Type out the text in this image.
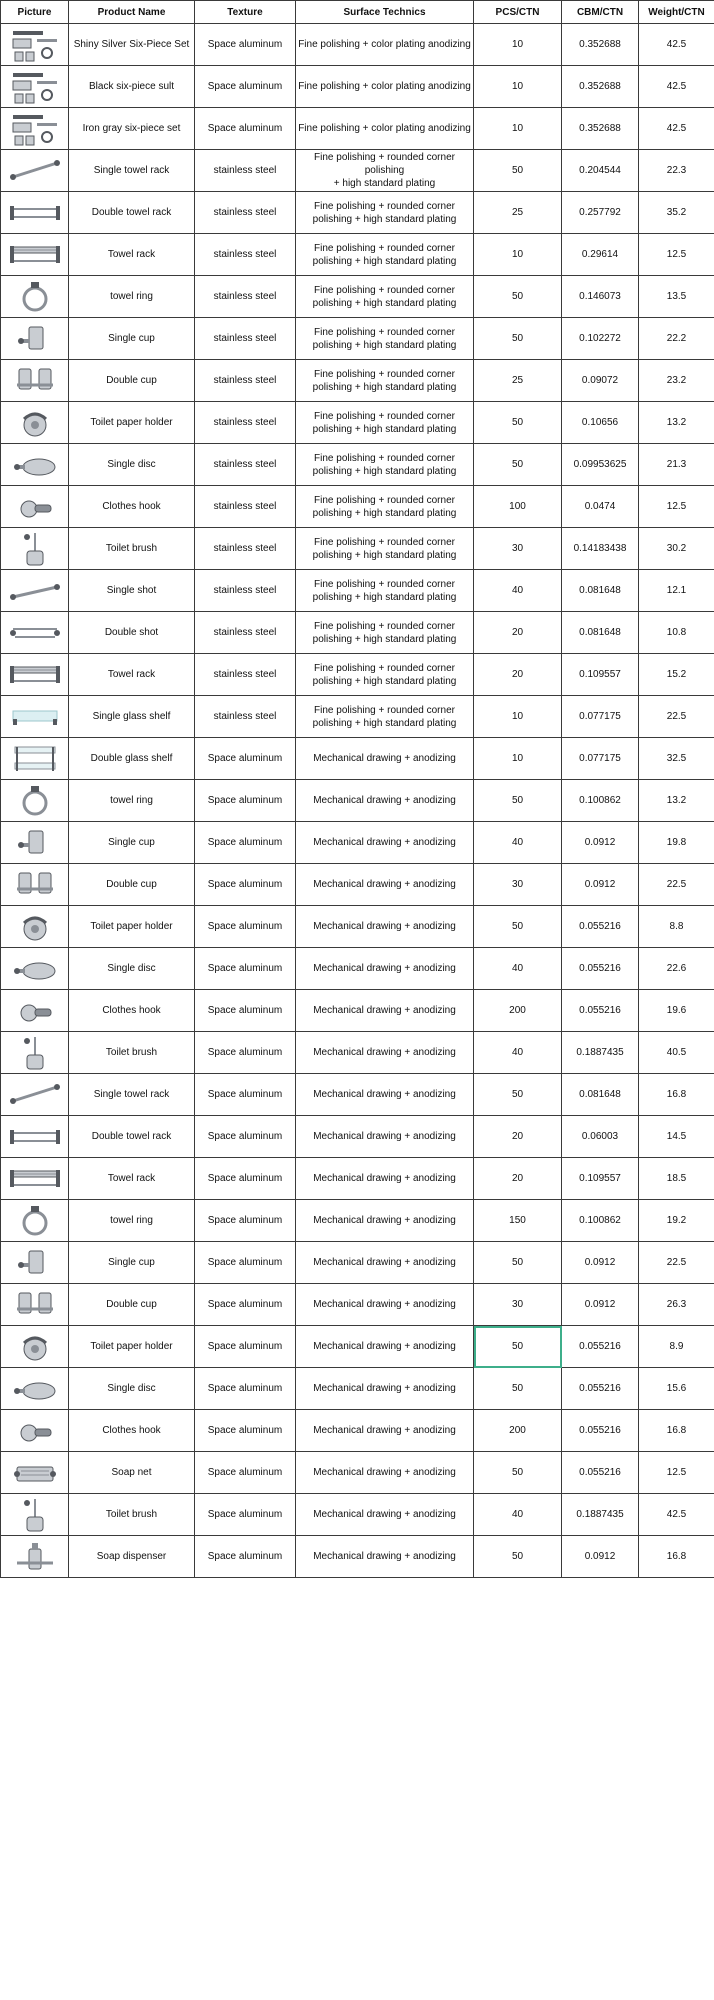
Picture	Product Name	Texture	Surface Technics	PCS/CTN	CBM/CTN	Weight/CTN

	Shiny Silver Six-Piece Set	Space aluminum	Fine polishing + color plating anodizing	10	0.352688	42.5

	Black six-piece sult	Space aluminum	Fine polishing + color plating anodizing	10	0.352688	42.5

	Iron gray six-piece set	Space aluminum	Fine polishing + color plating anodizing	10	0.352688	42.5

	Single towel rack	stainless steel	Fine polishing + rounded corner
polishing
+ high standard plating	50	0.204544	22.3

	Double towel rack	stainless steel	Fine polishing + rounded corner
polishing + high standard plating	25	0.257792	35.2

	Towel rack	stainless steel	Fine polishing + rounded corner
polishing + high standard plating	10	0.29614	12.5

	towel ring	stainless steel	Fine polishing + rounded corner
polishing + high standard plating	50	0.146073	13.5

	Single cup	stainless steel	Fine polishing + rounded corner
polishing + high standard plating	50	0.102272	22.2

	Double cup	stainless steel	Fine polishing + rounded corner
polishing + high standard plating	25	0.09072	23.2

	Toilet paper holder	stainless steel	Fine polishing + rounded corner
polishing + high standard plating	50	0.10656	13.2

	Single disc	stainless steel	Fine polishing + rounded corner
polishing + high standard plating	50	0.09953625	21.3

	Clothes hook	stainless steel	Fine polishing + rounded corner
polishing + high standard plating	100	0.0474	12.5

	Toilet brush	stainless steel	Fine polishing + rounded corner
polishing + high standard plating	30	0.14183438	30.2

	Single shot	stainless steel	Fine polishing + rounded corner
polishing + high standard plating	40	0.081648	12.1

	Double shot	stainless steel	Fine polishing + rounded corner
polishing + high standard plating	20	0.081648	10.8

	Towel rack	stainless steel	Fine polishing + rounded corner
polishing + high standard plating	20	0.109557	15.2

	Single glass shelf	stainless steel	Fine polishing + rounded corner
polishing + high standard plating	10	0.077175	22.5

	Double glass shelf	Space aluminum	Mechanical drawing + anodizing	10	0.077175	32.5

	towel ring	Space aluminum	Mechanical drawing + anodizing	50	0.100862	13.2

	Single cup	Space aluminum	Mechanical drawing + anodizing	40	0.0912	19.8

	Double cup	Space aluminum	Mechanical drawing + anodizing	30	0.0912	22.5

	Toilet paper holder	Space aluminum	Mechanical drawing + anodizing	50	0.055216	8.8

	Single disc	Space aluminum	Mechanical drawing + anodizing	40	0.055216	22.6

	Clothes hook	Space aluminum	Mechanical drawing + anodizing	200	0.055216	19.6

	Toilet brush	Space aluminum	Mechanical drawing + anodizing	40	0.1887435	40.5

	Single towel rack	Space aluminum	Mechanical drawing + anodizing	50	0.081648	16.8

	Double towel rack	Space aluminum	Mechanical drawing + anodizing	20	0.06003	14.5

	Towel rack	Space aluminum	Mechanical drawing + anodizing	20	0.109557	18.5

	towel ring	Space aluminum	Mechanical drawing + anodizing	150	0.100862	19.2

	Single cup	Space aluminum	Mechanical drawing + anodizing	50	0.0912	22.5

	Double cup	Space aluminum	Mechanical drawing + anodizing	30	0.0912	26.3

	Toilet paper holder	Space aluminum	Mechanical drawing + anodizing	50	0.055216	8.9

	Single disc	Space aluminum	Mechanical drawing + anodizing	50	0.055216	15.6

	Clothes hook	Space aluminum	Mechanical drawing + anodizing	200	0.055216	16.8

	Soap net	Space aluminum	Mechanical drawing + anodizing	50	0.055216	12.5

	Toilet brush	Space aluminum	Mechanical drawing + anodizing	40	0.1887435	42.5

	Soap dispenser	Space aluminum	Mechanical drawing + anodizing	50	0.0912	16.8
